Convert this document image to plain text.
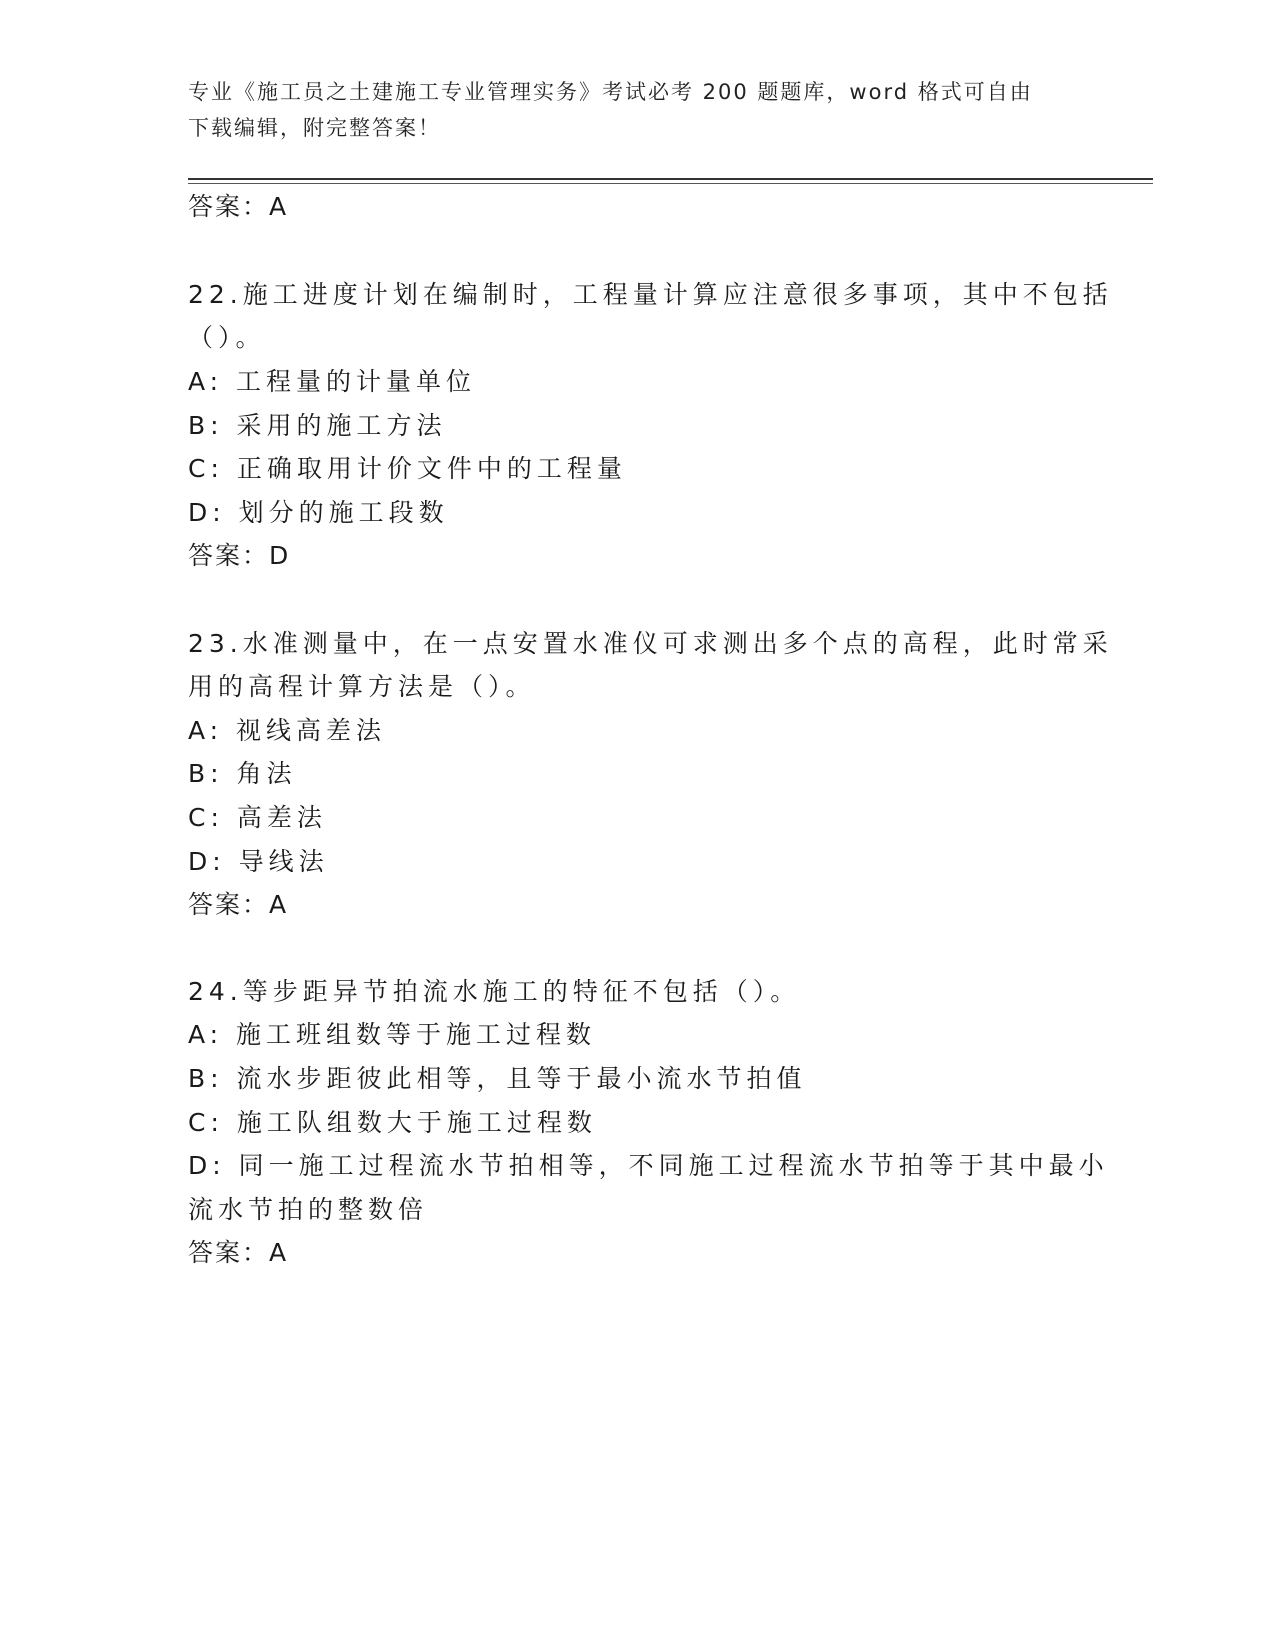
专业《施工员之土建施工专业管理实务》考试必考 200 题题库，word 格式可自由
下载编辑，附完整答案！
答案：A
22.施工进度计划在编制时，工程量计算应注意很多事项，其中不包括
（）。
A: 工程量的计量单位
B: 采用的施工方法
C: 正确取用计价文件中的工程量
D: 划分的施工段数
答案：D
23.水准测量中，在一点安置水准仪可求测出多个点的高程，此时常采
用的高程计算方法是（）。
A: 视线高差法
B: 角法
C: 高差法
D: 导线法
答案：A
24.等步距异节拍流水施工的特征不包括（）。
A: 施工班组数等于施工过程数
B: 流水步距彼此相等，且等于最小流水节拍值
C: 施工队组数大于施工过程数
D: 同一施工过程流水节拍相等，不同施工过程流水节拍等于其中最小
流水节拍的整数倍
答案：A
